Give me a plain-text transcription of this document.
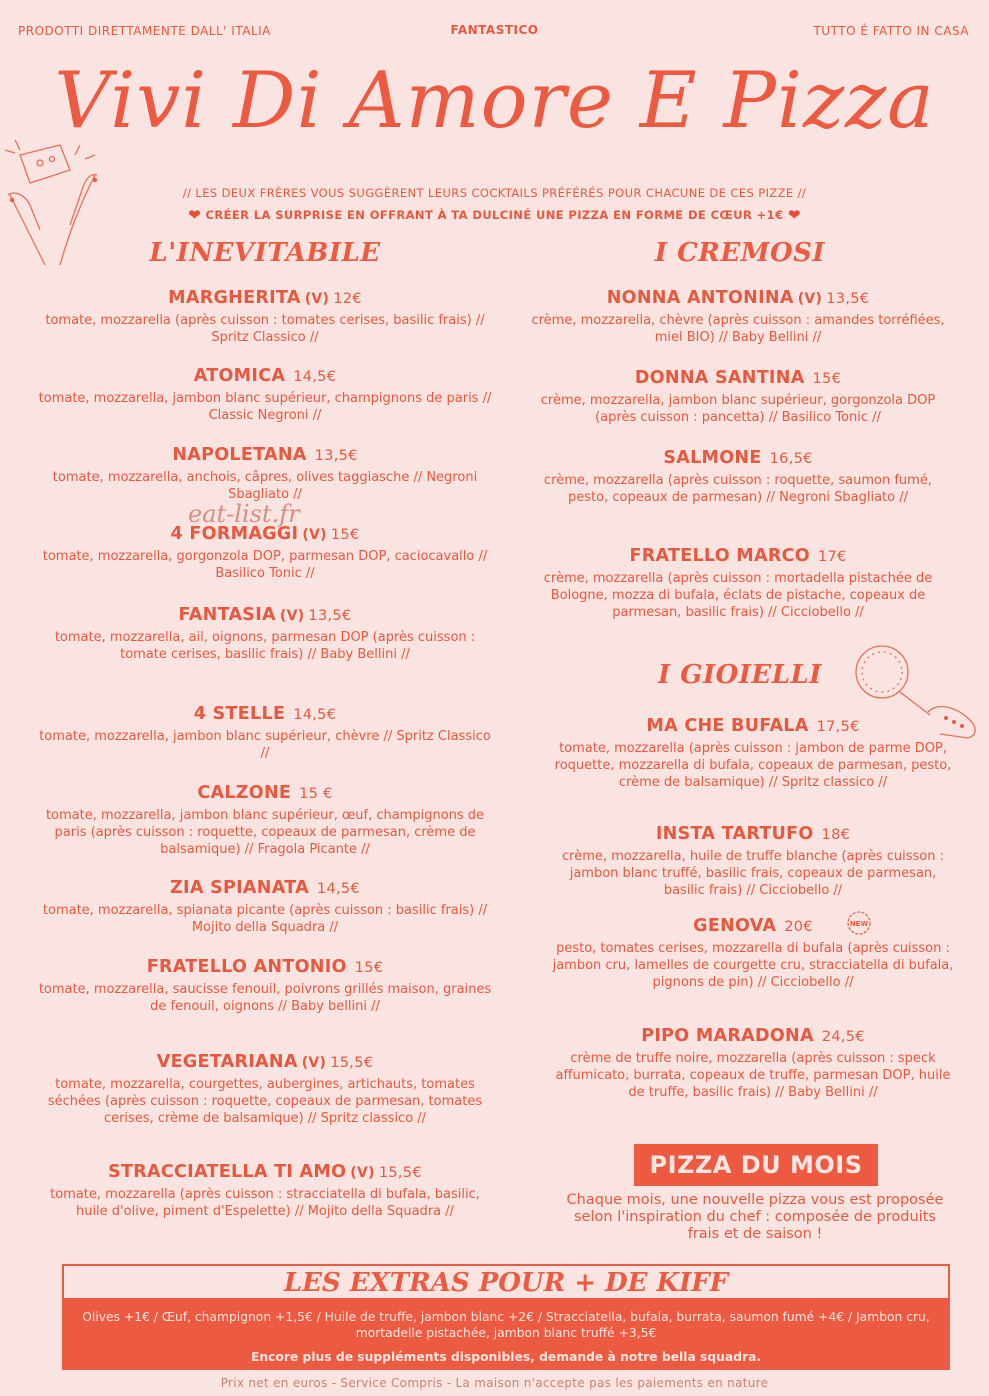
PRODOTTI DIRETTAMENTE DALL' ITALIA	FANTASTICO	TUTTO É FATTO IN CASA
Vivi Di Amore E Pizza
// LES DEUX FRÈRES VOUS SUGGÈRENT LEURS COCKTAILS PRÉFÉRÉS POUR CHACUNE DE CES PIZZE //
❤ CRÉER LA SURPRISE EN OFFRANT À TA DULCINÉ UNE PIZZA EN FORME DE CŒUR +1€ ❤
L'INEVITABILE	I CREMOSI
I GIOIELLI
MARGHERITA (V) 12€
tomate, mozzarella (après cuisson : tomates cerises, basilic frais) // Spritz Classico //
ATOMICA 14,5€
tomate, mozzarella, jambon blanc supérieur, champignons de paris // Classic Negroni //
NAPOLETANA 13,5€
tomate, mozzarella, anchois, câpres, olives taggiasche // Negroni Sbagliato //
4 FORMAGGI (V) 15€
tomate, mozzarella, gorgonzola DOP, parmesan DOP, caciocavallo // Basilico Tonic //
FANTASIA (V) 13,5€
tomate, mozzarella, ail, oignons, parmesan DOP (après cuisson : tomate cerises, basilic frais) // Baby Bellini //
4 STELLE 14,5€
tomate, mozzarella, jambon blanc supérieur, chèvre // Spritz Classico //
CALZONE 15 €
tomate, mozzarella, jambon blanc supérieur, œuf, champignons de paris (après cuisson : roquette, copeaux de parmesan, crème de balsamique) // Fragola Picante //
ZIA SPIANATA 14,5€
tomate, mozzarella, spianata picante (après cuisson : basilic frais) // Mojito della Squadra //
FRATELLO ANTONIO 15€
tomate, mozzarella, saucisse fenouil, poivrons grillés maison, graines de fenouil, oignons // Baby bellini //
VEGETARIANA (V) 15,5€
tomate, mozzarella, courgettes, aubergines, artichauts, tomates séchées (après cuisson : roquette, copeaux de parmesan, tomates cerises, crème de balsamique) // Spritz classico //
STRACCIATELLA TI AMO (V) 15,5€
tomate, mozzarella (après cuisson : stracciatella di bufala, basilic, huile d'olive, piment d'Espelette) // Mojito della Squadra //
NONNA ANTONINA (V) 13,5€
crème, mozzarella, chèvre (après cuisson : amandes torréfiées, miel BIO) // Baby Bellini //
DONNA SANTINA 15€
crème, mozzarella, jambon blanc supérieur, gorgonzola DOP (après cuisson : pancetta) // Basilico Tonic //
SALMONE 16,5€
crème, mozzarella (après cuisson : roquette, saumon fumé, pesto, copeaux de parmesan) // Negroni Sbagliato //
FRATELLO MARCO 17€
crème, mozzarella (après cuisson : mortadella pistachée de Bologne, mozza di bufala, éclats de pistache, copeaux de parmesan, basilic frais) // Cicciobello //
MA CHE BUFALA 17,5€
tomate, mozzarella (après cuisson : jambon de parme DOP, roquette, mozzarella di bufala, copeaux de parmesan, pesto, crème de balsamique) // Spritz classico //
INSTA TARTUFO 18€
crème, mozzarella, huile de truffe blanche (après cuisson : jambon blanc truffé, basilic frais, copeaux de parmesan, basilic frais) // Cicciobello //
GENOVA 20€
pesto, tomates cerises, mozzarella di bufala (après cuisson : jambon cru, lamelles de courgette cru, stracciatella di bufala, pignons de pin) // Cicciobello //
PIPO MARADONA 24,5€
crème de truffe noire, mozzarella (après cuisson : speck affumicato, burrata, copeaux de truffe, parmesan DOP, huile de truffe, basilic frais) // Baby Bellini //
NEW
eat-list.fr
PIZZA DU MOIS
Chaque mois, une nouvelle pizza vous est proposée selon l'inspiration du chef : composée de produits frais et de saison !
LES EXTRAS POUR + DE KIFF
Olives +1€ / Œuf, champignon +1,5€ / Huile de truffe, jambon blanc +2€ / Stracciatella, bufala, burrata, saumon fumé +4€ / Jambon cru, mortadelle pistachée, jambon blanc truffé +3,5€
Encore plus de suppléments disponibles, demande à notre bella squadra.
Prix net en euros - Service Compris - La maison n'accepte pas les paiements en nature
